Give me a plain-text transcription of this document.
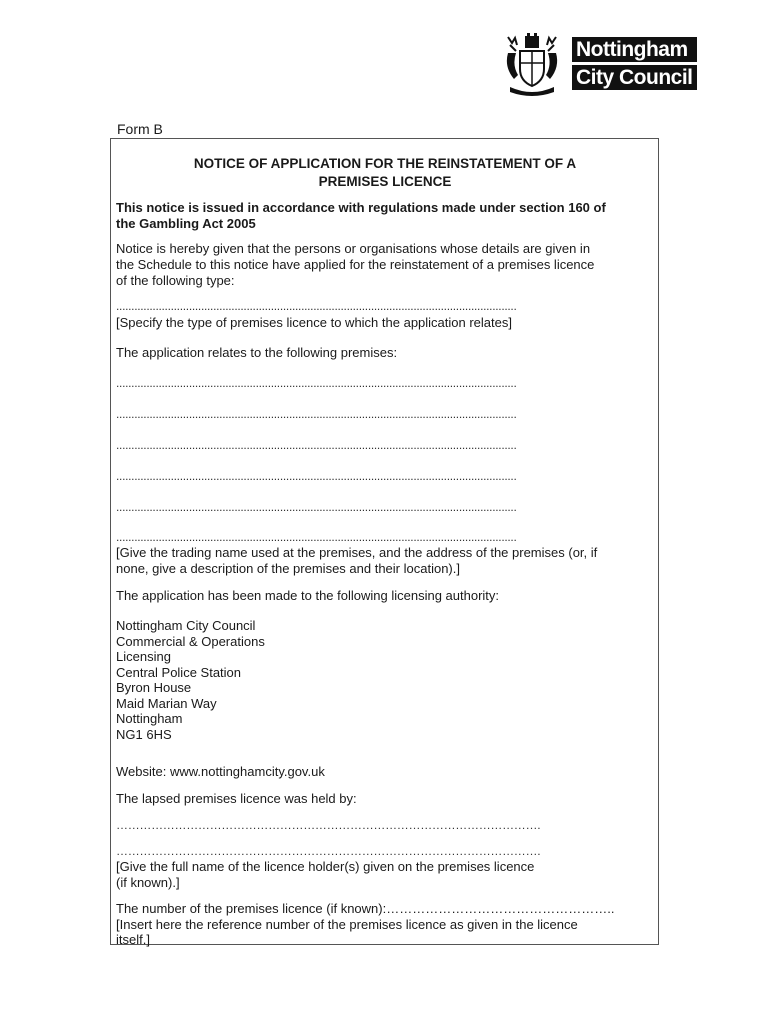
Nottingham
City Council
Form B
NOTICE OF APPLICATION FOR THE REINSTATEMENT OF A
PREMISES LICENCE
This notice is issued in accordance with regulations made under section 160 of
the Gambling Act 2005
Notice is hereby given that the persons or organisations whose details are given in
the Schedule to this notice have applied for the reinstatement of a premises licence
of the following type:
....................................................................................................................................
[Specify the type of premises licence to which the application relates]
The application relates to the following premises:
....................................................................................................................................
....................................................................................................................................
....................................................................................................................................
....................................................................................................................................
....................................................................................................................................
....................................................................................................................................
[Give the trading name used at the premises, and the address of the premises (or, if
none, give a description of the premises and their location).]
The application has been made to the following licensing authority:
Nottingham City Council
Commercial & Operations
Licensing
Central Police Station
Byron House
Maid Marian Way
Nottingham
NG1 6HS
Website: www.nottinghamcity.gov.uk
The lapsed premises licence was held by:
……………………………………………………………………………………………….
……………………………………………………………………………………………….
[Give the full name of the licence holder(s) given on the premises licence
(if known).]
The number of the premises licence (if known):……………………………………………..
[Insert here the reference number of the premises licence as given in the licence
itself.]
